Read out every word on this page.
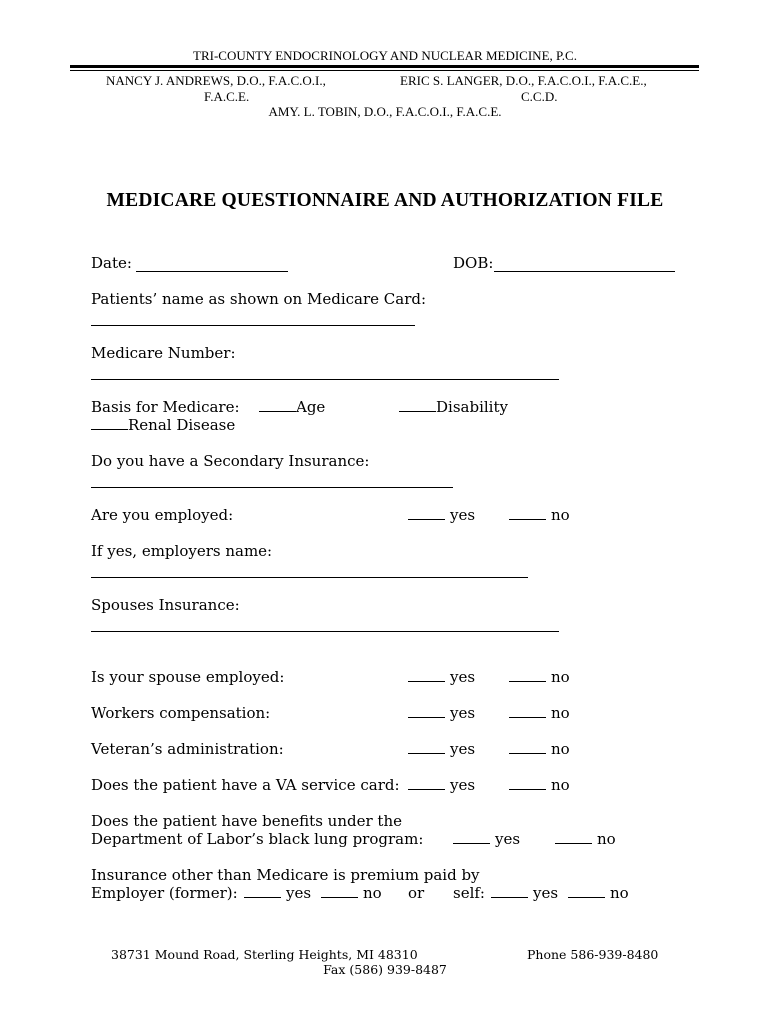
TRI-COUNTY ENDOCRINOLOGY AND NUCLEAR MEDICINE, P.C.
NANCY J. ANDREWS, D.O., F.A.C.O.I.,
F.A.C.E.
ERIC S. LANGER, D.O., F.A.C.O.I., F.A.C.E.,
C.C.D.
AMY. L. TOBIN, D.O., F.A.C.O.I., F.A.C.E.
MEDICARE QUESTIONNAIRE AND AUTHORIZATION FILE
Date:	DOB:
Patients’ name as shown on Medicare Card:
Medicare Number:
Basis for Medicare:	Age	Disability
Renal Disease
Do you have a Secondary Insurance:
Are you employed:	yes	no
If yes, employers name:
Spouses Insurance:
Is your spouse employed:	yes	no
Workers compensation:	yes	no
Veteran’s administration:	yes	no
Does the patient have a VA service card:	yes	no
Does the patient have benefits under the
Department of Labor’s black lung program:	yes	no
Insurance other than Medicare is premium paid by
Employer (former):	yes	no or self:	yes	no
38731 Mound Road, Sterling Heights, MI 48310	Phone 586-939-8480
Fax (586) 939-8487
